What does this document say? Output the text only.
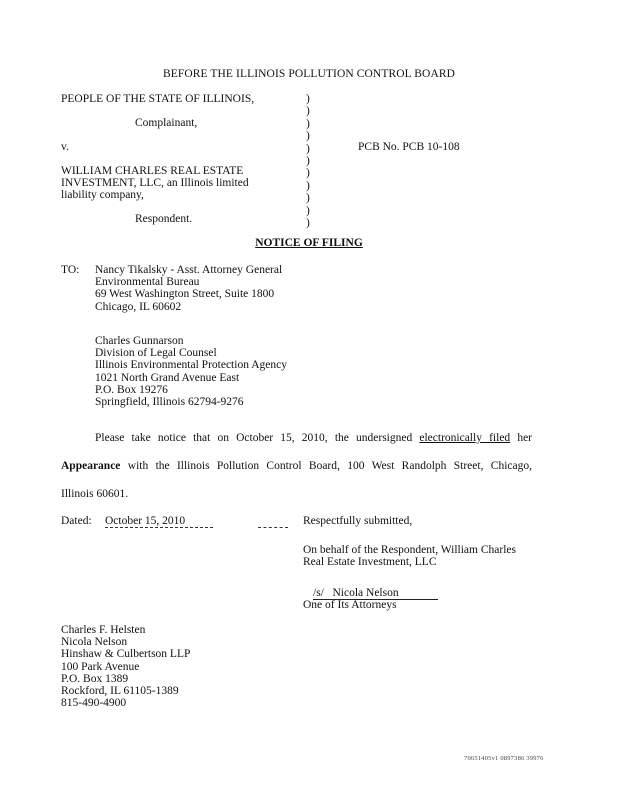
BEFORE THE ILLINOIS POLLUTION CONTROL BOARD
PEOPLE OF THE STATE OF ILLINOIS,
Complainant,
v.
WILLIAM CHARLES REAL ESTATE
INVESTMENT, LLC, an Illinois limited
liability company,
Respondent.
)
)
)
)
)
)
)
)
)
)
)
PCB No. PCB 10-108
NOTICE OF FILING
TO: Nancy Tikalsky - Asst. Attorney General
Environmental Bureau
69 West Washington Street, Suite 1800
Chicago, IL 60602
Charles Gunnarson
Division of Legal Counsel
Illinois Environmental Protection Agency
1021 North Grand Avenue East
P.O. Box 19276
Springfield, Illinois 62794-9276
Please take notice that on October 15, 2010, the undersigned electronically filed her
Appearance with the Illinois Pollution Control Board, 100 West Randolph Street, Chicago,
Illinois 60601.
Dated: October 15, 2010	Respectfully submitted,
On behalf of the Respondent, William Charles
Real Estate Investment, LLC
/s/   Nicola Nelson
One of Its Attorneys
Charles F. Helsten
Nicola Nelson
Hinshaw & Culbertson LLP
100 Park Avenue
P.O. Box 1389
Rockford, IL 61105-1389
815-490-4900
70651405v1 0897386 39976
